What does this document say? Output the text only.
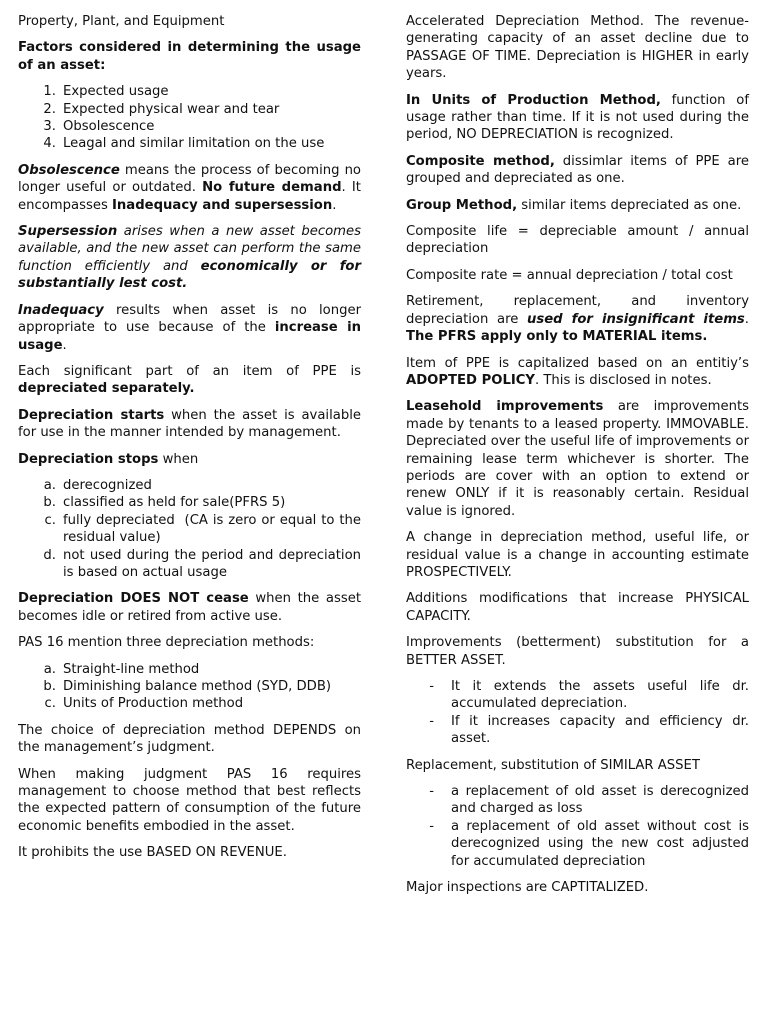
Property, Plant, and Equipment

Factors considered in determining the usage of an asset:

1. Expected usage
2. Expected physical wear and tear
3. Obsolescence
4. Leagal and similar limitation on the use

Obsolescence means the process of becoming no longer useful or outdated. No future demand. It encompasses Inadequacy and supersession.

Supersession arises when a new asset becomes available, and the new asset can perform the same function efficiently and economically or for substantially lest cost.

Inadequacy results when asset is no longer appropriate to use because of the increase in usage.

Each significant part of an item of PPE is depreciated separately.

Depreciation starts when the asset is available for use in the manner intended by management.

Depreciation stops when

a. derecognized
b. classified as held for sale(PFRS 5)
c. fully depreciated  (CA is zero or equal to the residual value)
d. not used during the period and depreciation is based on actual usage

Depreciation DOES NOT cease when the asset becomes idle or retired from active use.

PAS 16 mention three depreciation methods:

a. Straight-line method
b. Diminishing balance method (SYD, DDB)
c. Units of Production method

The choice of depreciation method DEPENDS on the management’s judgment.

When making judgment PAS 16 requires management to choose method that best reflects the expected pattern of consumption of the future economic benefits embodied in the asset.

It prohibits the use BASED ON REVENUE.

Accelerated Depreciation Method. The revenue-generating capacity of an asset decline due to PASSAGE OF TIME. Depreciation is HIGHER in early years.

In Units of Production Method, function of usage rather than time. If it is not used during the period, NO DEPRECIATION is recognized.

Composite method, dissimlar items of PPE are grouped and depreciated as one.

Group Method, similar items depreciated as one.

Composite life = depreciable amount / annual depreciation

Composite rate = annual depreciation / total cost

Retirement, replacement, and inventory depreciation are used for insignificant items. The PFRS apply only to MATERIAL items.

Item of PPE is capitalized based on an entitiy’s ADOPTED POLICY. This is disclosed in notes.

Leasehold improvements are improvements made by tenants to a leased property. IMMOVABLE. Depreciated over the useful life of improvements or remaining lease term whichever is shorter. The periods are cover with an option to extend or renew ONLY if it is reasonably certain. Residual value is ignored.

A change in depreciation method, useful life, or residual value is a change in accounting estimate PROSPECTIVELY.

Additions modifications that increase PHYSICAL CAPACITY.

Improvements (betterment) substitution for a BETTER ASSET.

- It it extends the assets useful life dr. accumulated depreciation.
- If it increases capacity and efficiency dr. asset.

Replacement, substitution of SIMILAR ASSET

- a replacement of old asset is derecognized and charged as loss
- a replacement of old asset without cost is derecognized using the new cost adjusted for accumulated depreciation

Major inspections are CAPTITALIZED.
